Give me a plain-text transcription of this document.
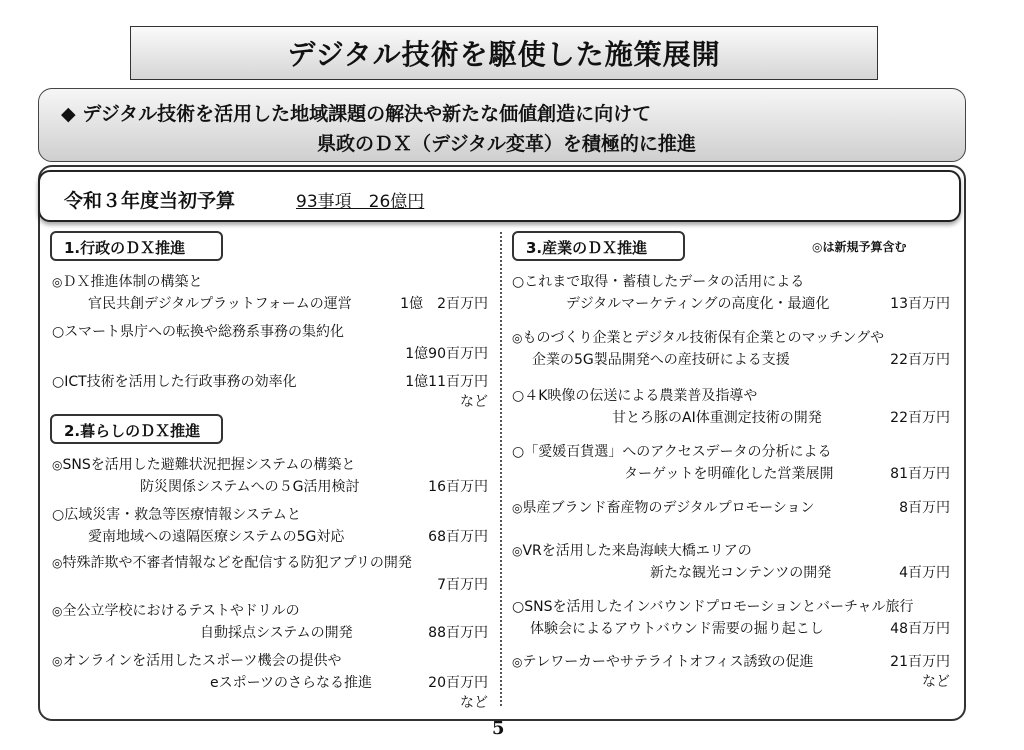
デジタル技術を駆使した施策展開
◆ デジタル技術を活用した地域課題の解決や新たな価値創造に向けて
県政のＤＸ（デジタル変革）を積極的に推進
令和３年度当初予算	93事項　26億円
1.行政のＤＸ推進
◎ＤＸ推進体制の構築と
官民共創デジタルプラットフォームの運営	1億　2百万円
○スマート県庁への転換や総務系事務の集約化
1億90百万円
○ICT技術を活用した行政事務の効率化	1億11百万円
など
2.暮らしのＤＸ推進
◎SNSを活用した避難状況把握システムの構築と
防災関係システムへの５G活用検討	16百万円
○広域災害・救急等医療情報システムと
愛南地域への遠隔医療システムの5G対応	68百万円
◎特殊詐欺や不審者情報などを配信する防犯アプリの開発
7百万円
◎全公立学校におけるテストやドリルの
自動採点システムの開発	88百万円
◎オンラインを活用したスポーツ機会の提供や
eスポーツのさらなる推進	20百万円
など
3.産業のＤＸ推進	◎は新規予算含む
○これまで取得・蓄積したデータの活用による
デジタルマーケティングの高度化・最適化	13百万円
◎ものづくり企業とデジタル技術保有企業とのマッチングや
企業の5G製品開発への産技研による支援	22百万円
○４K映像の伝送による農業普及指導や
甘とろ豚のAI体重測定技術の開発	22百万円
○「愛媛百貨選」へのアクセスデータの分析による
ターゲットを明確化した営業展開	81百万円
◎県産ブランド畜産物のデジタルプロモーション	8百万円
◎VRを活用した来島海峡大橋エリアの
新たな観光コンテンツの開発	4百万円
○SNSを活用したインバウンドプロモーションとバーチャル旅行
体験会によるアウトバウンド需要の掘り起こし	48百万円
◎テレワーカーやサテライトオフィス誘致の促進	21百万円
など
5
